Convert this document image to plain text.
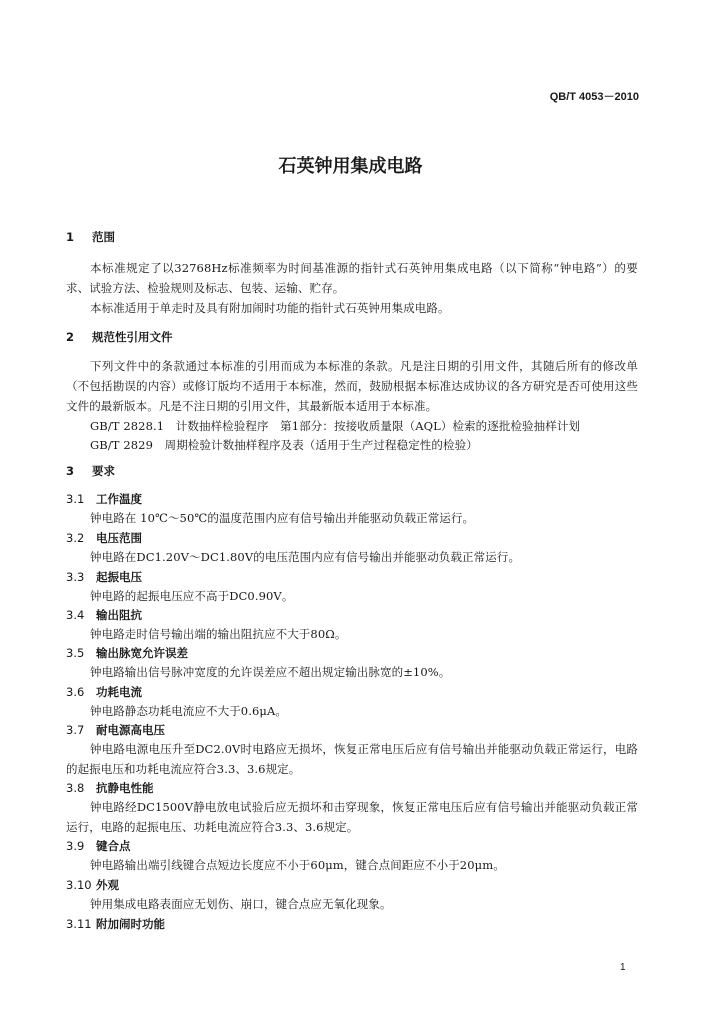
QB/T 4053－2010
石英钟用集成电路
1 范围
本标准规定了以32768Hz标准频率为时间基准源的指针式石英钟用集成电路（以下简称“钟电路”）的要求、试验方法、检验规则及标志、包装、运输、贮存。
本标准适用于单走时及具有附加闹时功能的指针式石英钟用集成电路。
2 规范性引用文件
下列文件中的条款通过本标准的引用而成为本标准的条款。凡是注日期的引用文件，其随后所有的修改单（不包括勘误的内容）或修订版均不适用于本标准，然而，鼓励根据本标准达成协议的各方研究是否可使用这些文件的最新版本。凡是不注日期的引用文件，其最新版本适用于本标准。
GB/T 2828.1　计数抽样检验程序　第1部分：按接收质量限（AQL）检索的逐批检验抽样计划
GB/T 2829　周期检验计数抽样程序及表（适用于生产过程稳定性的检验）
3 要求
3.1 工作温度
钟电路在 10℃～50℃的温度范围内应有信号输出并能驱动负载正常运行。
3.2 电压范围
钟电路在DC1.20V～DC1.80V的电压范围内应有信号输出并能驱动负载正常运行。
3.3 起振电压
钟电路的起振电压应不高于DC0.90V。
3.4 输出阻抗
钟电路走时信号输出端的输出阻抗应不大于80Ω。
3.5 输出脉宽允许误差
钟电路输出信号脉冲宽度的允许误差应不超出规定输出脉宽的±10%。
3.6 功耗电流
钟电路静态功耗电流应不大于0.6μA。
3.7 耐电源高电压
钟电路电源电压升至DC2.0V时电路应无损坏，恢复正常电压后应有信号输出并能驱动负载正常运行，电路的起振电压和功耗电流应符合3.3、3.6规定。
3.8 抗静电性能
钟电路经DC1500V静电放电试验后应无损坏和击穿现象，恢复正常电压后应有信号输出并能驱动负载正常运行，电路的起振电压、功耗电流应符合3.3、3.6规定。
3.9 键合点
钟电路输出端引线键合点短边长度应不小于60μm，键合点间距应不小于20μm。
3.10 外观
钟用集成电路表面应无划伤、崩口，键合点应无氧化现象。
3.11 附加闹时功能
1
